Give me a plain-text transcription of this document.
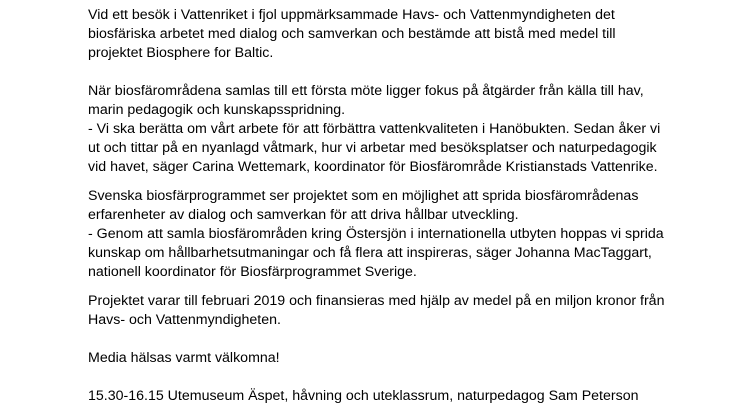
Vid ett besök i Vattenriket i fjol uppmärksammade Havs- och Vattenmyndigheten det
biosfäriska arbetet med dialog och samverkan och bestämde att bistå med medel till
projektet Biosphere for Baltic.

När biosfärområdena samlas till ett första möte ligger fokus på åtgärder från källa till hav,
marin pedagogik och kunskapsspridning.
- Vi ska berätta om vårt arbete för att förbättra vattenkvaliteten i Hanöbukten. Sedan åker vi
ut och tittar på en nyanlagd våtmark, hur vi arbetar med besöksplatser och naturpedagogik
vid havet, säger Carina Wettemark, koordinator för Biosfärområde Kristianstads Vattenrike.

Svenska biosfärprogrammet ser projektet som en möjlighet att sprida biosfärområdenas
erfarenheter av dialog och samverkan för att driva hållbar utveckling.
- Genom att samla biosfärområden kring Östersjön i internationella utbyten hoppas vi sprida
kunskap om hållbarhetsutmaningar och få flera att inspireras, säger Johanna MacTaggart,
nationell koordinator för Biosfärprogrammet Sverige.

Projektet varar till februari 2019 och finansieras med hjälp av medel på en miljon kronor från
Havs- och Vattenmyndigheten.

Media hälsas varmt välkomna!

15.30-16.15 Utemuseum Äspet, håvning och uteklassrum, naturpedagog Sam Peterson
